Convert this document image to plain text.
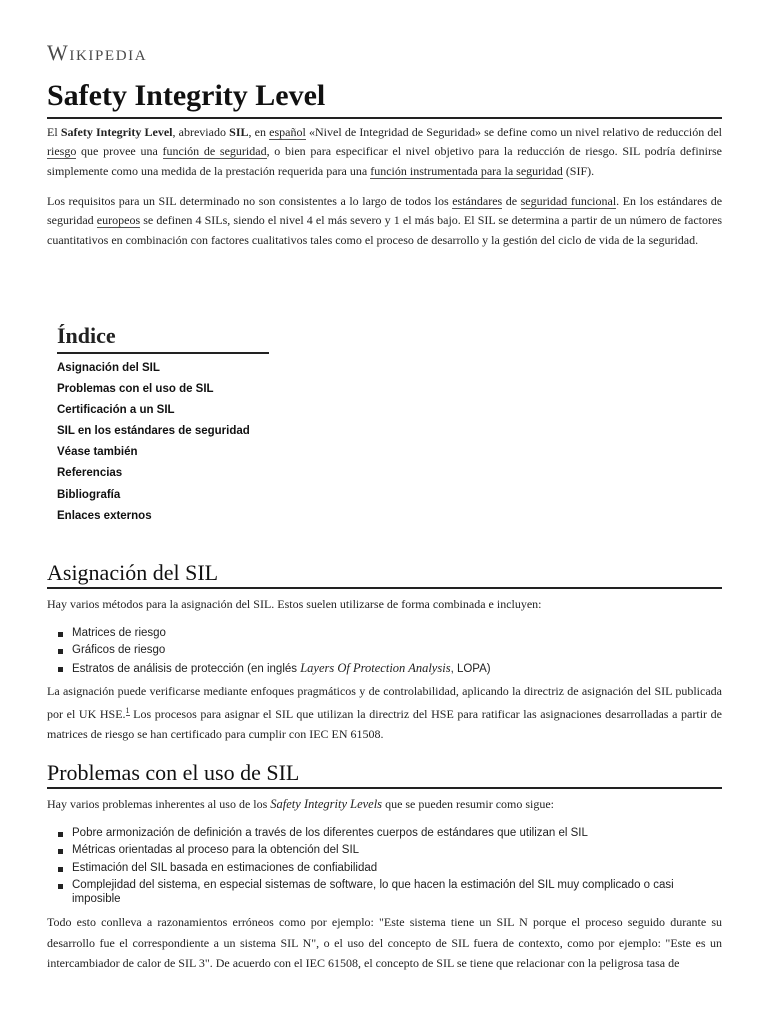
Wikipedia
Safety Integrity Level

El Safety Integrity Level, abreviado SIL, en español «Nivel de Integridad de Seguridad» se define como un nivel relativo de reducción del riesgo que provee una función de seguridad, o bien para especificar el nivel objetivo para la reducción de riesgo. SIL podría definirse simplemente como una medida de la prestación requerida para una función instrumentada para la seguridad (SIF).

Los requisitos para un SIL determinado no son consistentes a lo largo de todos los estándares de seguridad funcional. En los estándares de seguridad europeos se definen 4 SILs, siendo el nivel 4 el más severo y 1 el más bajo. El SIL se determina a partir de un número de factores cuantitativos en combinación con factores cualitativos tales como el proceso de desarrollo y la gestión del ciclo de vida de la seguridad.

Índice
Asignación del SIL
Problemas con el uso de SIL
Certificación a un SIL
SIL en los estándares de seguridad
Véase también
Referencias
Bibliografía
Enlaces externos
Asignación del SIL

Hay varios métodos para la asignación del SIL. Estos suelen utilizarse de forma combinada e incluyen:

Matrices de riesgo
Gráficos de riesgo
Estratos de análisis de protección (en inglés Layers Of Protection Analysis, LOPA)

La asignación puede verificarse mediante enfoques pragmáticos y de controlabilidad, aplicando la directriz de asignación del SIL publicada por el UK HSE.$^1$ Los procesos para asignar el SIL que utilizan la directriz del HSE para ratificar las asignaciones desarrolladas a partir de matrices de riesgo se han certificado para cumplir con IEC EN 61508.

Problemas con el uso de SIL

Hay varios problemas inherentes al uso de los Safety Integrity Levels que se pueden resumir como sigue:

Pobre armonización de definición a través de los diferentes cuerpos de estándares que utilizan el SIL
Métricas orientadas al proceso para la obtención del SIL
Estimación del SIL basada en estimaciones de confiabilidad
Complejidad del sistema, en especial sistemas de software, lo que hacen la estimación del SIL muy complicado o casi imposible

Todo esto conlleva a razonamientos erróneos como por ejemplo: "Este sistema tiene un SIL N porque el proceso seguido durante su desarrollo fue el correspondiente a un sistema SIL N", o el uso del concepto de SIL fuera de contexto, como por ejemplo: "Este es un intercambiador de calor de SIL 3". De acuerdo con el IEC 61508, el concepto de SIL se tiene que relacionar con la peligrosa tasa de
